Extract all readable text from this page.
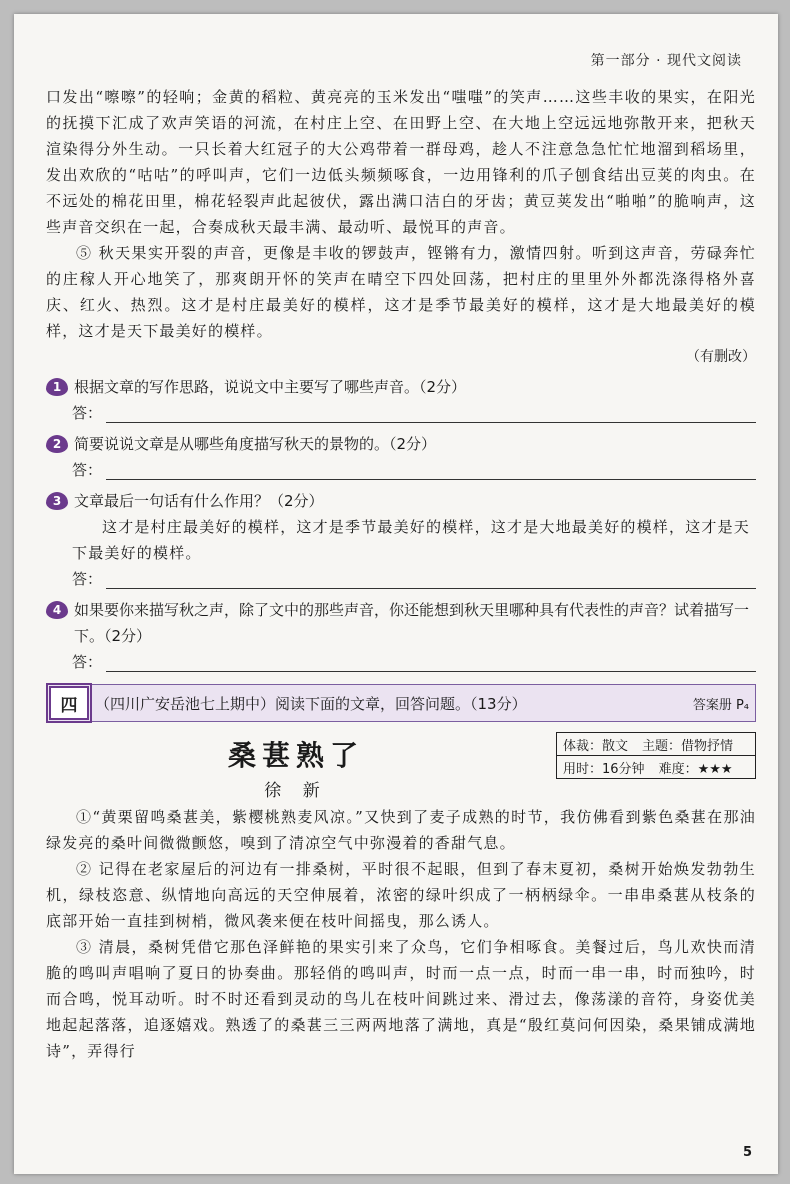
第一部分 · 现代文阅读

口发出“嚓嚓”的轻响；金黄的稻粒、黄亮亮的玉米发出“嗤嗤”的笑声……这些丰收的果实，在阳光的抚摸下汇成了欢声笑语的河流，在村庄上空、在田野上空、在大地上空远远地弥散开来，把秋天渲染得分外生动。一只长着大红冠子的大公鸡带着一群母鸡，趁人不注意急急忙忙地溜到稻场里，发出欢欣的“咕咕”的呼叫声，它们一边低头频频啄食，一边用锋利的爪子刨食结出豆荚的肉虫。在不远处的棉花田里，棉花轻裂声此起彼伏，露出满口洁白的牙齿；黄豆荚发出“啪啪”的脆响声，这些声音交织在一起，合奏成秋天最丰满、最动听、最悦耳的声音。

⑤ 秋天果实开裂的声音，更像是丰收的锣鼓声，铿锵有力，激情四射。听到这声音，劳碌奔忙的庄稼人开心地笑了，那爽朗开怀的笑声在晴空下四处回荡，把村庄的里里外外都洗涤得格外喜庆、红火、热烈。这才是村庄最美好的模样，这才是季节最美好的模样，这才是大地最美好的模样，这才是天下最美好的模样。

（有删改）
1 根据文章的写作思路，说说文中主要写了哪些声音。（2分）
答：
2 简要说说文章是从哪些角度描写秋天的景物的。（2分）
答：
3 文章最后一句话有什么作用？（2分）
这才是村庄最美好的模样，这才是季节最美好的模样，这才是大地最美好的模样，这才是天下最美好的模样。
答：
4 如果要你来描写秋之声，除了文中的那些声音，你还能想到秋天里哪种具有代表性的声音？试着描写一下。（2分）
答：
四	（四川广安岳池七上期中）阅读下面的文章，回答问题。（13分）	答案册 P₄
桑葚熟了
徐 新
体裁：散文 主题：借物抒情
用时：16分钟 难度：★★★

①“黄栗留鸣桑葚美，紫樱桃熟麦风凉。”又快到了麦子成熟的时节，我仿佛看到紫色桑葚在那油绿发亮的桑叶间微微颤悠，嗅到了清凉空气中弥漫着的香甜气息。

② 记得在老家屋后的河边有一排桑树，平时很不起眼，但到了春末夏初，桑树开始焕发勃勃生机，绿枝恣意、纵情地向高远的天空伸展着，浓密的绿叶织成了一柄柄绿伞。一串串桑葚从枝条的底部开始一直挂到树梢，微风袭来便在枝叶间摇曳，那么诱人。

③ 清晨，桑树凭借它那色泽鲜艳的果实引来了众鸟，它们争相啄食。美餐过后，鸟儿欢快而清脆的鸣叫声唱响了夏日的协奏曲。那轻俏的鸣叫声，时而一点一点，时而一串一串，时而独吟，时而合鸣，悦耳动听。时不时还看到灵动的鸟儿在枝叶间跳过来、滑过去，像荡漾的音符，身姿优美地起起落落，追逐嬉戏。熟透了的桑葚三三两两地落了满地，真是“殷红莫问何因染，桑果铺成满地诗”，弄得行

5
